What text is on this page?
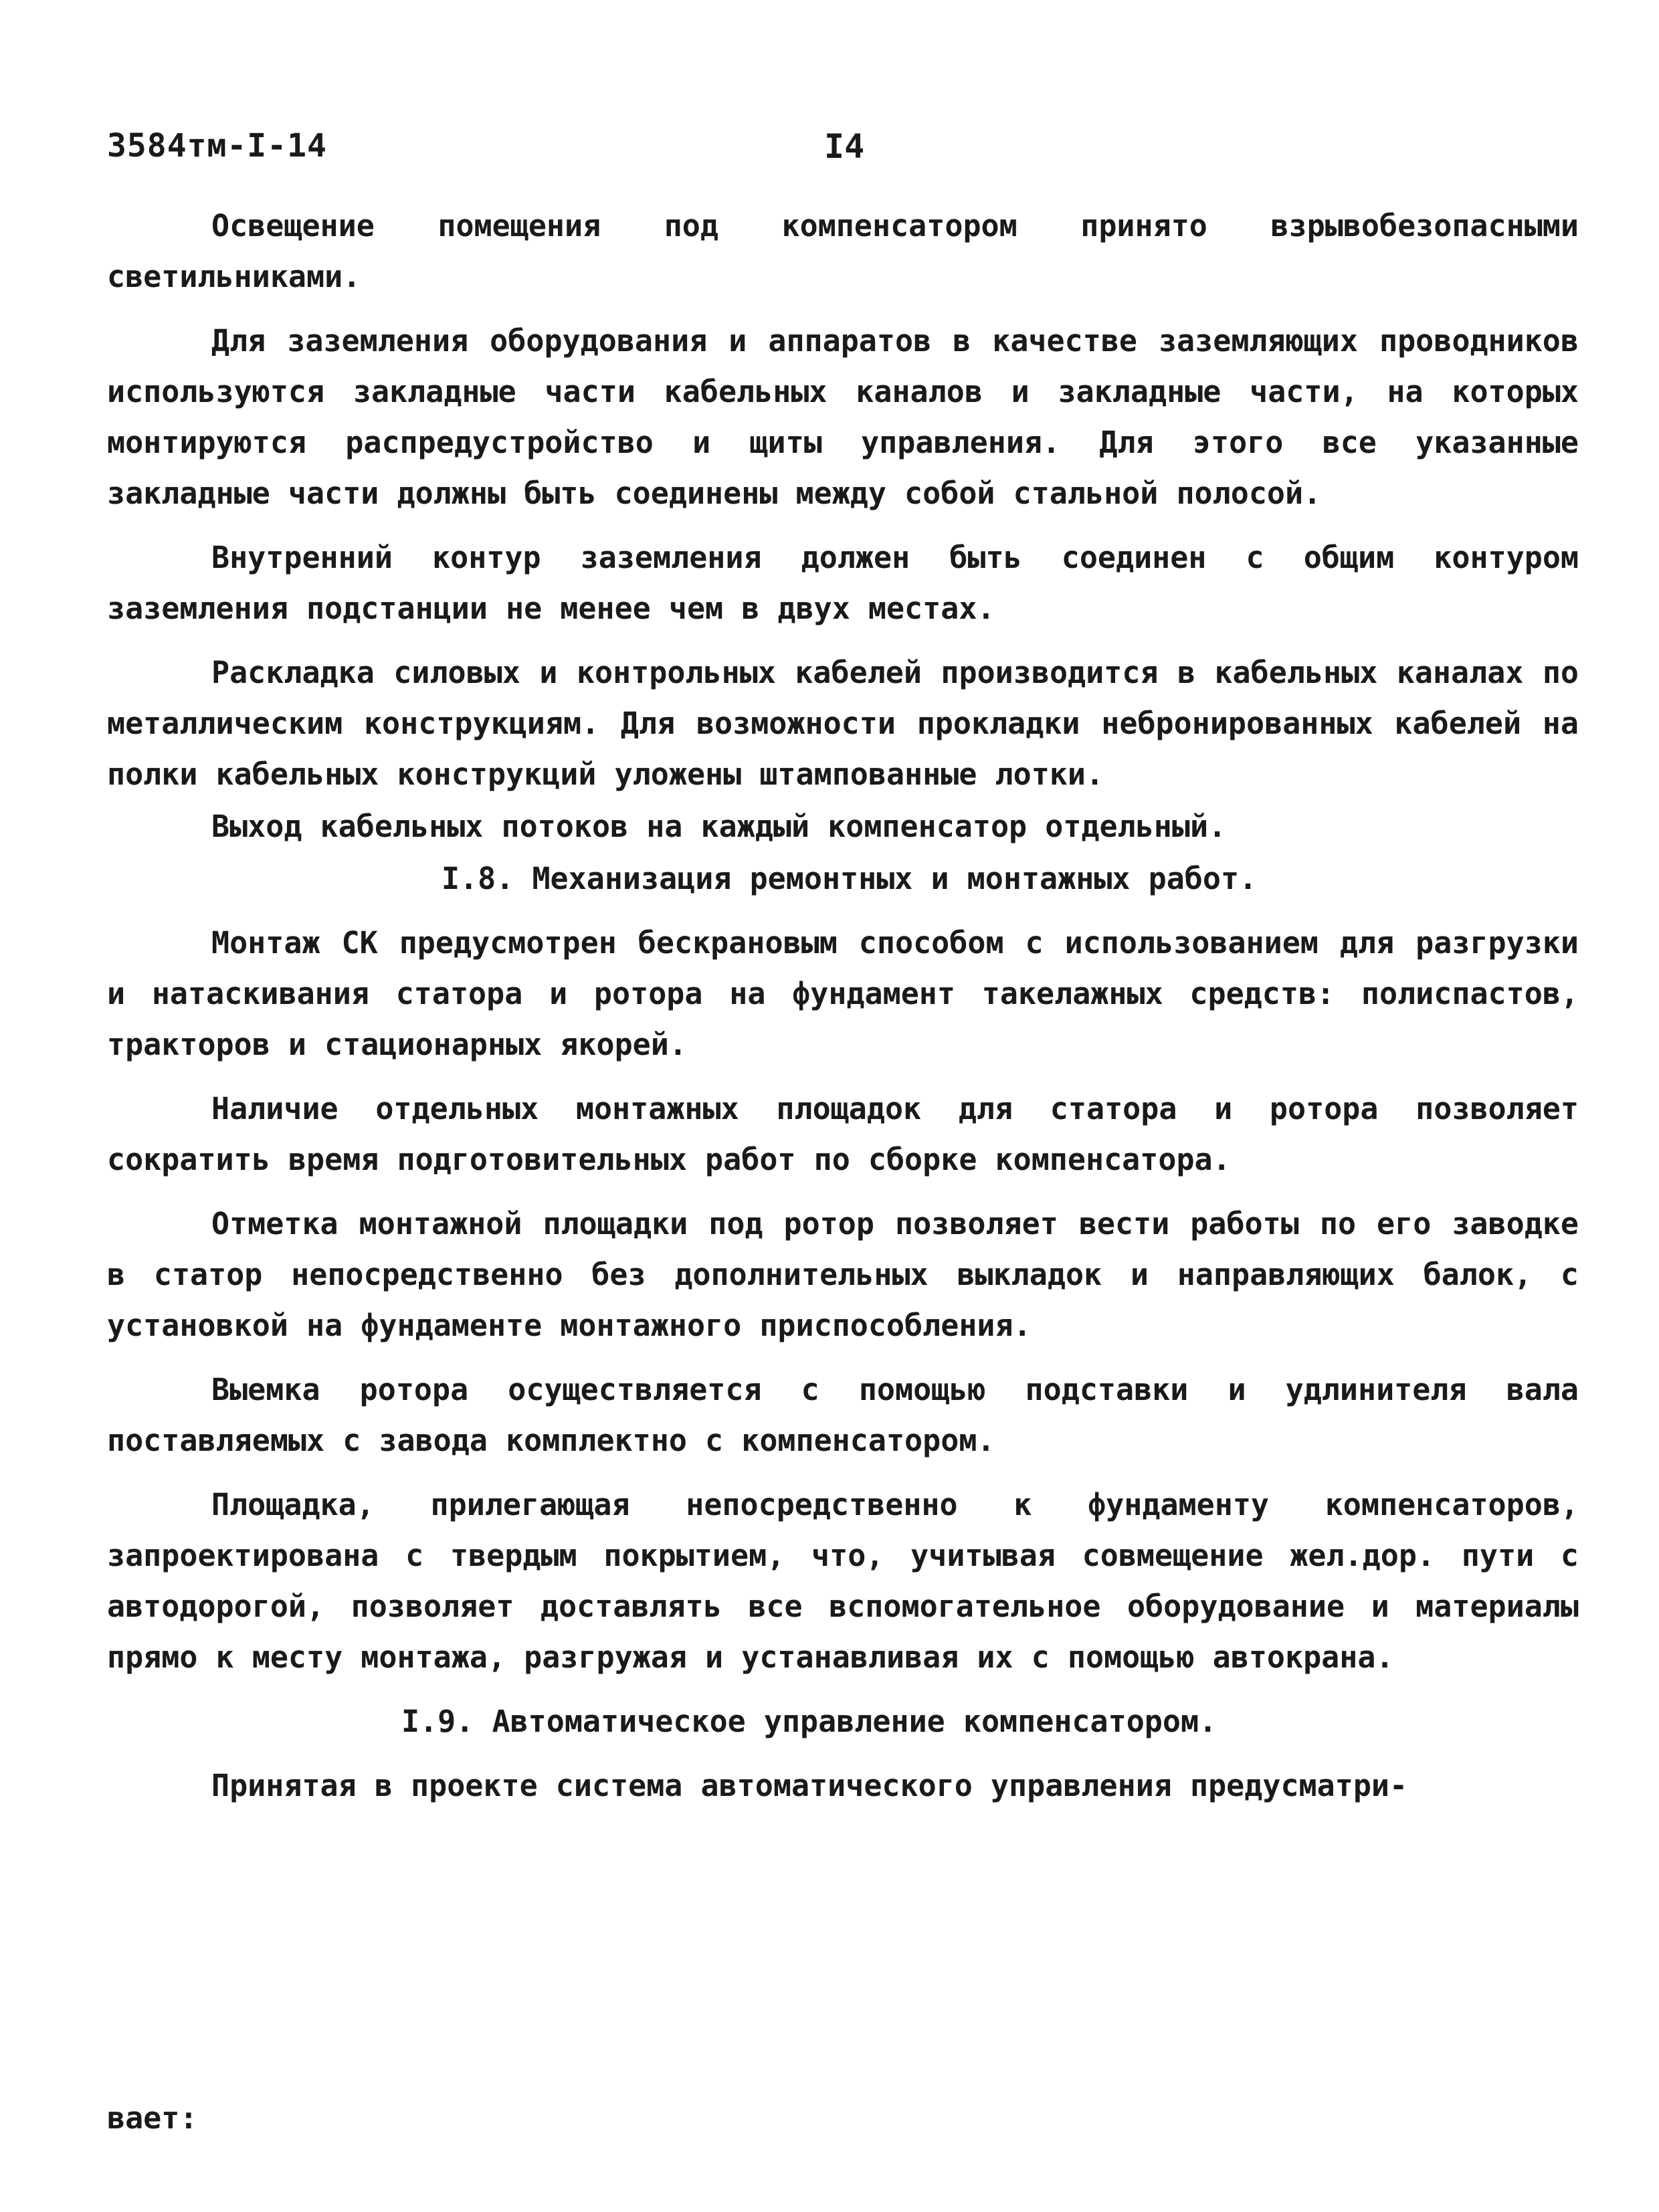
3584тм-I-14	I4

Освещение помещения под компенсатором принято взрывобезопасными светильниками.

Для заземления оборудования и аппаратов в качестве заземляющих проводников используются закладные части кабельных каналов и закладные части, на которых монтируются распредустройство и щиты управления. Для этого все указанные закладные части должны быть соединены между собой стальной полосой.

Внутренний контур заземления должен быть соединен с общим контуром заземления подстанции не менее чем в двух местах.

Раскладка силовых и контрольных кабелей производится в кабельных каналах по металлическим конструкциям. Для возможности прокладки небронированных кабелей на полки кабельных конструкций уложены штампованные лотки.

Выход кабельных потоков на каждый компенсатор отдельный.

I.8. Механизация ремонтных и монтажных работ.

Монтаж СК предусмотрен бескрановым способом с использованием для разгрузки и натаскивания статора и ротора на фундамент такелажных средств: полиспастов, тракторов и стационарных якорей.

Наличие отдельных монтажных площадок для статора и ротора позволяет сократить время подготовительных работ по сборке компенсатора.

Отметка монтажной площадки под ротор позволяет вести работы по его заводке в статор непосредственно без дополнительных выкладок и направляющих балок, с установкой на фундаменте монтажного приспособления.

Выемка ротора осуществляется с помощью подставки и удлинителя вала поставляемых с завода комплектно с компенсатором.

Площадка, прилегающая непосредственно к фундаменту компенсаторов, запроектирована с твердым покрытием, что, учитывая совмещение жел.дор. пути с автодорогой, позволяет доставлять все вспомогательное оборудование и материалы прямо к месту монтажа, разгружая и устанавливая их с помощью автокрана.

I.9. Автоматическое управление компенсатором.

Принятая в проекте система автоматического управления предусматри-

вает:
